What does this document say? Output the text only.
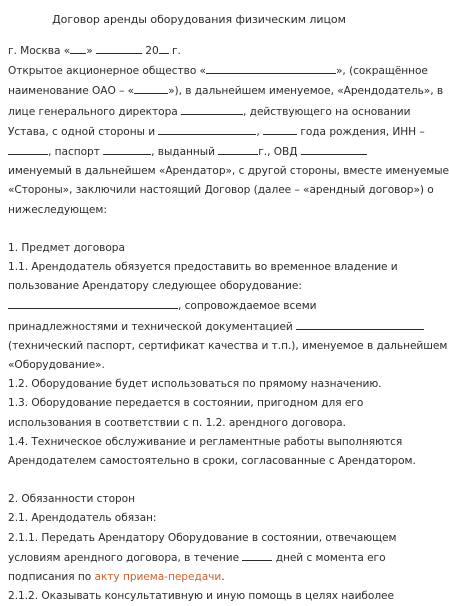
Договор аренды оборудования физическим лицом
г. Москва « »	20 г.
Открытое акционерное общество «	», (сокращённое
наименование ОАО – «	»), в дальнейшем именуемое, «Арендодатель», в
лице генерального директора	, действующего на основании
Устава, с одной стороны и	,	года рождения, ИНН –
, паспорт	, выданный	г., ОВД
именуемый в дальнейшем «Арендатор», с другой стороны, вместе именуемые
«Стороны», заключили настоящий Договор (далее – «арендный договор») о
нижеследующем:
1. Предмет договора
1.1. Арендодатель обязуется предоставить во временное владение и
пользование Арендатору следующее оборудование:
, сопровождаемое всеми
принадлежностями и технической документацией
(технический паспорт, сертификат качества и т.п.), именуемое в дальнейшем
«Оборудование».
1.2. Оборудование будет использоваться по прямому назначению.
1.3. Оборудование передается в состоянии, пригодном для его
использования в соответствии с п. 1.2. арендного договора.
1.4. Техническое обслуживание и регламентные работы выполняются
Арендодателем самостоятельно в сроки, согласованные с Арендатором.
2. Обязанности сторон
2.1. Арендодатель обязан:
2.1.1. Передать Арендатору Оборудование в состоянии, отвечающем
условиям арендного договора, в течение	дней с момента его
подписания по акту приема-передачи.
2.1.2. Оказывать консультативную и иную помощь в целях наиболее
